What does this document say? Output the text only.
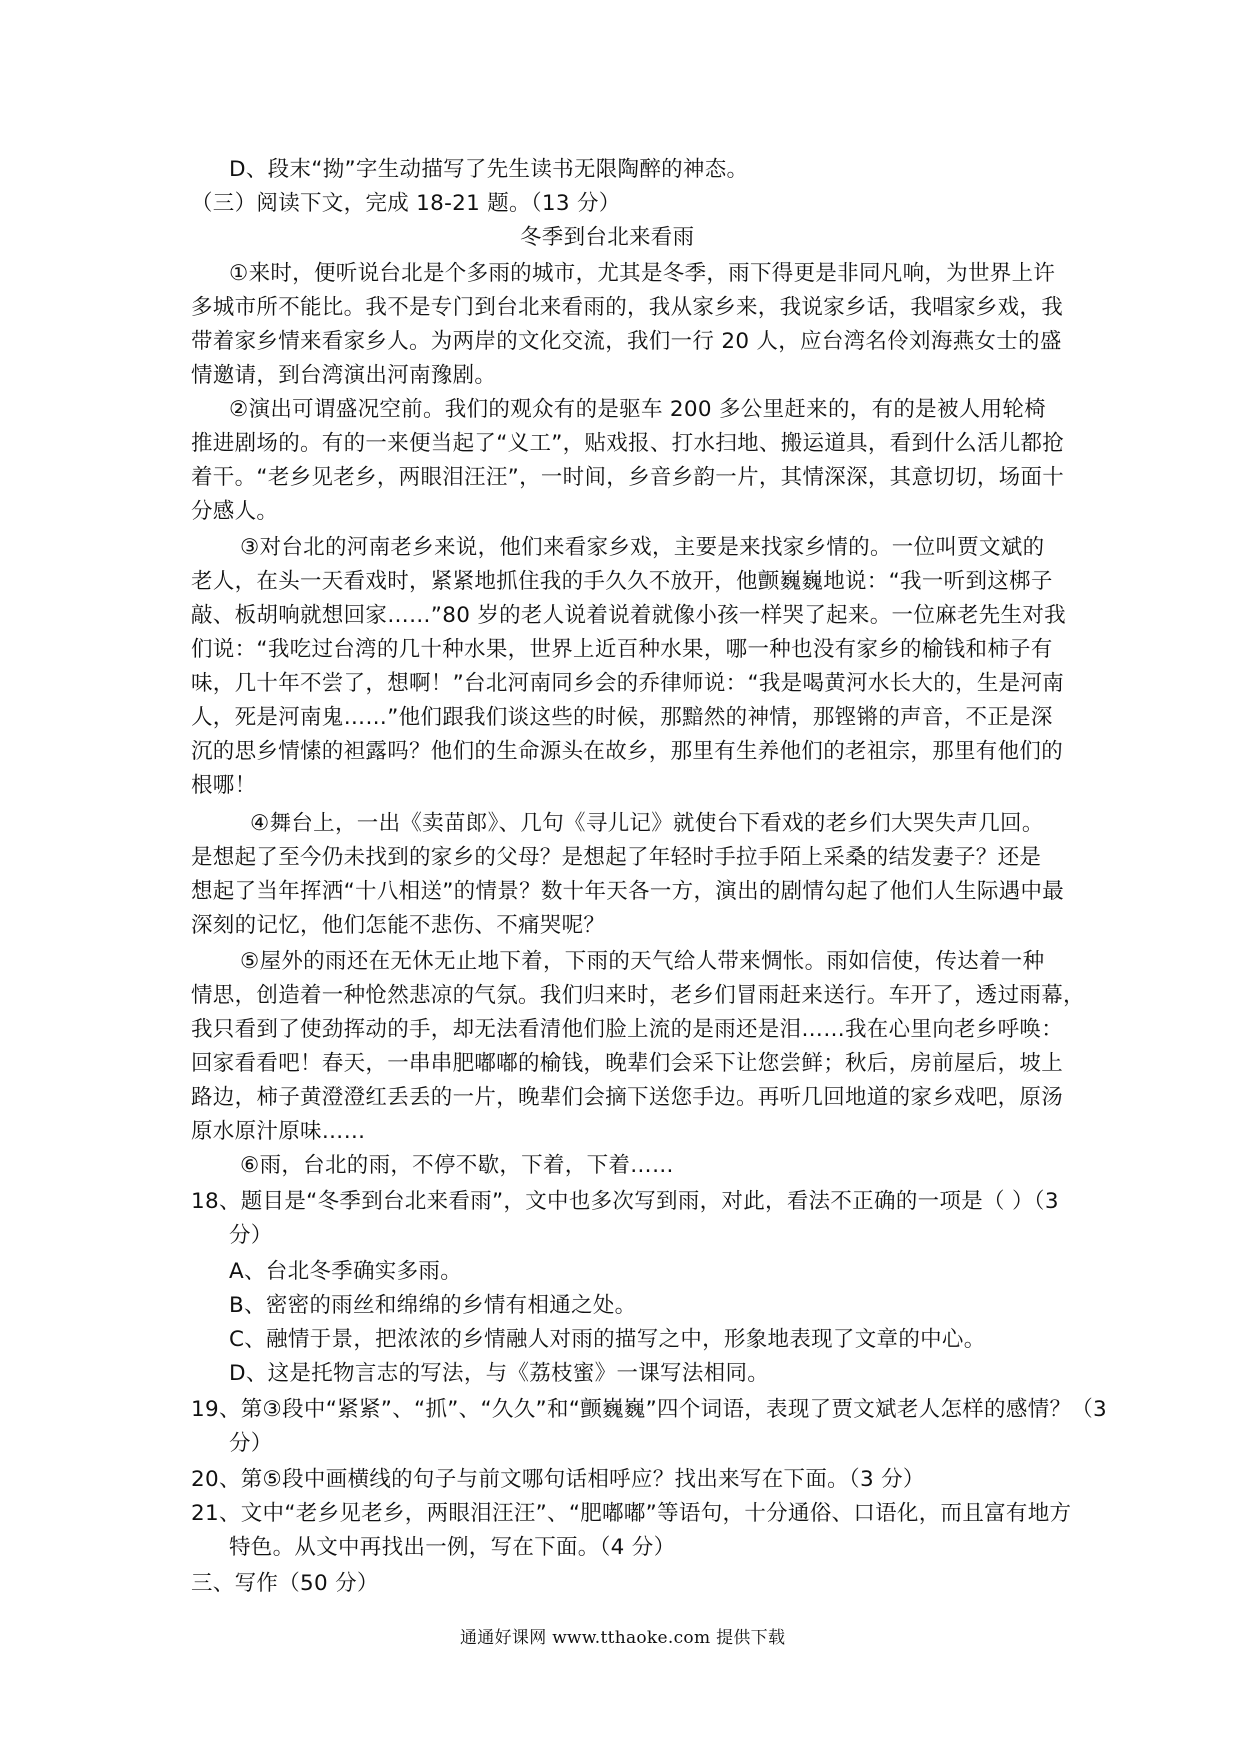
D、段末“拗”字生动描写了先生读书无限陶醉的神态。
（三）阅读下文，完成 18-21 题。（13 分）
冬季到台北来看雨
①来时，便听说台北是个多雨的城市，尤其是冬季，雨下得更是非同凡响，为世界上许
多城市所不能比。我不是专门到台北来看雨的，我从家乡来，我说家乡话，我唱家乡戏，我
带着家乡情来看家乡人。为两岸的文化交流，我们一行 20 人，应台湾名伶刘海燕女士的盛
情邀请，到台湾演出河南豫剧。
②演出可谓盛况空前。我们的观众有的是驱车 200 多公里赶来的，有的是被人用轮椅
推进剧场的。有的一来便当起了“义工”，贴戏报、打水扫地、搬运道具，看到什么活儿都抢
着干。“老乡见老乡，两眼泪汪汪”，一时间，乡音乡韵一片，其情深深，其意切切，场面十
分感人。
③对台北的河南老乡来说，他们来看家乡戏，主要是来找家乡情的。一位叫贾文斌的
老人，在头一天看戏时，紧紧地抓住我的手久久不放开，他颤巍巍地说：“我一听到这梆子
敲、板胡响就想回家……”80 岁的老人说着说着就像小孩一样哭了起来。一位麻老先生对我
们说：“我吃过台湾的几十种水果，世界上近百种水果，哪一种也没有家乡的榆钱和柿子有
味，几十年不尝了，想啊！”台北河南同乡会的乔律师说：“我是喝黄河水长大的，生是河南
人，死是河南鬼……”他们跟我们谈这些的时候，那黯然的神情，那铿锵的声音，不正是深
沉的思乡情愫的袒露吗？他们的生命源头在故乡，那里有生养他们的老祖宗，那里有他们的
根哪！
④舞台上，一出《卖苗郎》、几句《寻儿记》就使台下看戏的老乡们大哭失声几回。
是想起了至今仍未找到的家乡的父母？是想起了年轻时手拉手陌上采桑的结发妻子？还是
想起了当年挥洒“十八相送”的情景？数十年天各一方，演出的剧情勾起了他们人生际遇中最
深刻的记忆，他们怎能不悲伤、不痛哭呢？
⑤屋外的雨还在无休无止地下着，下雨的天气给人带来惆怅。雨如信使，传达着一种
情思，创造着一种怆然悲凉的气氛。我们归来时，老乡们冒雨赶来送行。车开了，透过雨幕，
我只看到了使劲挥动的手，却无法看清他们脸上流的是雨还是泪……我在心里向老乡呼唤：
回家看看吧！春天，一串串肥嘟嘟的榆钱，晚辈们会采下让您尝鲜；秋后，房前屋后，坡上
路边，柿子黄澄澄红丢丢的一片，晚辈们会摘下送您手边。再听几回地道的家乡戏吧，原汤
原水原汁原味……
⑥雨，台北的雨，不停不歇，下着，下着……
18、题目是“冬季到台北来看雨”，文中也多次写到雨，对此，看法不正确的一项是（ ）（3
分）
A、台北冬季确实多雨。
B、密密的雨丝和绵绵的乡情有相通之处。
C、融情于景，把浓浓的乡情融人对雨的描写之中，形象地表现了文章的中心。
D、这是托物言志的写法，与《荔枝蜜》一课写法相同。
19、第③段中“紧紧”、“抓”、“久久”和“颤巍巍”四个词语，表现了贾文斌老人怎样的感情？（3
分）
20、第⑤段中画横线的句子与前文哪句话相呼应？找出来写在下面。（3 分）
21、文中“老乡见老乡，两眼泪汪汪”、“肥嘟嘟”等语句，十分通俗、口语化，而且富有地方
特色。从文中再找出一例，写在下面。（4 分）
三、写作（50 分）
通通好课网 www.tthaoke.com 提供下载
